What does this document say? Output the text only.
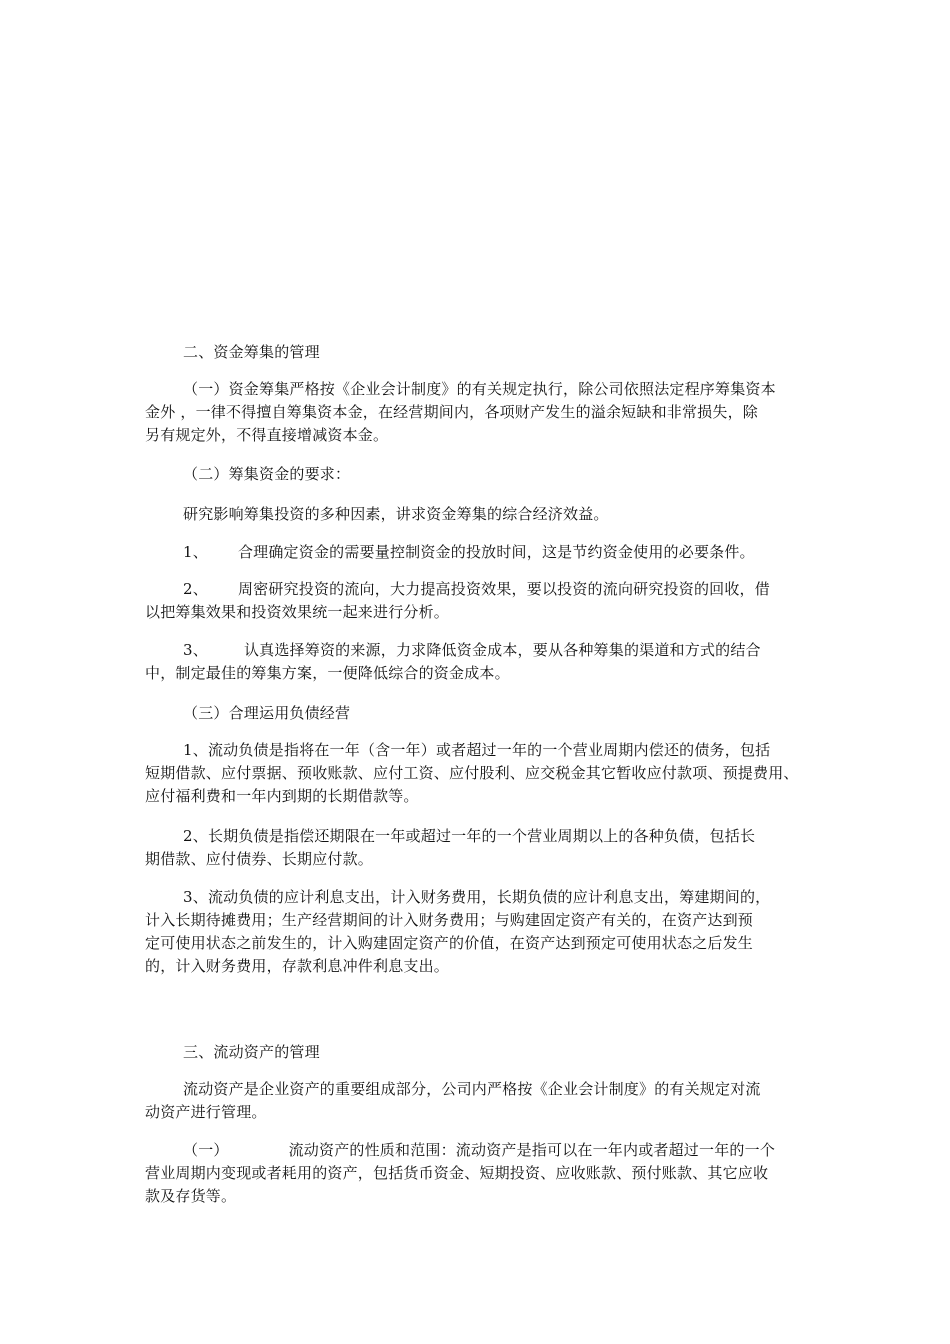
二、资金筹集的管理

（一）资金筹集严格按《企业会计制度》的有关规定执行，除公司依照法定程序筹集资本
金外 ，一律不得擅自筹集资本金，在经营期间内，各项财产发生的溢余短缺和非常损失，除
另有规定外，不得直接增减资本金。

（二）筹集资金的要求：

研究影响筹集投资的多种因素，讲求资金筹集的综合经济效益。

1、 合理确定资金的需要量控制资金的投放时间，这是节约资金使用的必要条件。

2、 周密研究投资的流向，大力提高投资效果，要以投资的流向研究投资的回收，借
以把筹集效果和投资效果统一起来进行分析。

3、 认真选择筹资的来源，力求降低资金成本，要从各种筹集的渠道和方式的结合
中，制定最佳的筹集方案，一便降低综合的资金成本。

（三）合理运用负债经营

1、流动负债是指将在一年（含一年）或者超过一年的一个营业周期内偿还的债务，包括
短期借款、应付票据、预收账款、应付工资、应付股利、应交税金其它暂收应付款项、预提费用、
应付福利费和一年内到期的长期借款等。

2、长期负债是指偿还期限在一年或超过一年的一个营业周期以上的各种负债，包括长
期借款、应付债券、长期应付款。

3、流动负债的应计利息支出，计入财务费用，长期负债的应计利息支出，筹建期间的，
计入长期待摊费用；生产经营期间的计入财务费用；与购建固定资产有关的，在资产达到预
定可使用状态之前发生的，计入购建固定资产的价值，在资产达到预定可使用状态之后发生
的，计入财务费用，存款利息冲件利息支出。

三、流动资产的管理

流动资产是企业资产的重要组成部分，公司内严格按《企业会计制度》的有关规定对流
动资产进行管理。

（一）	流动资产的性质和范围：流动资产是指可以在一年内或者超过一年的一个
营业周期内变现或者耗用的资产，包括货币资金、短期投资、应收账款、预付账款、其它应收
款及存货等。
